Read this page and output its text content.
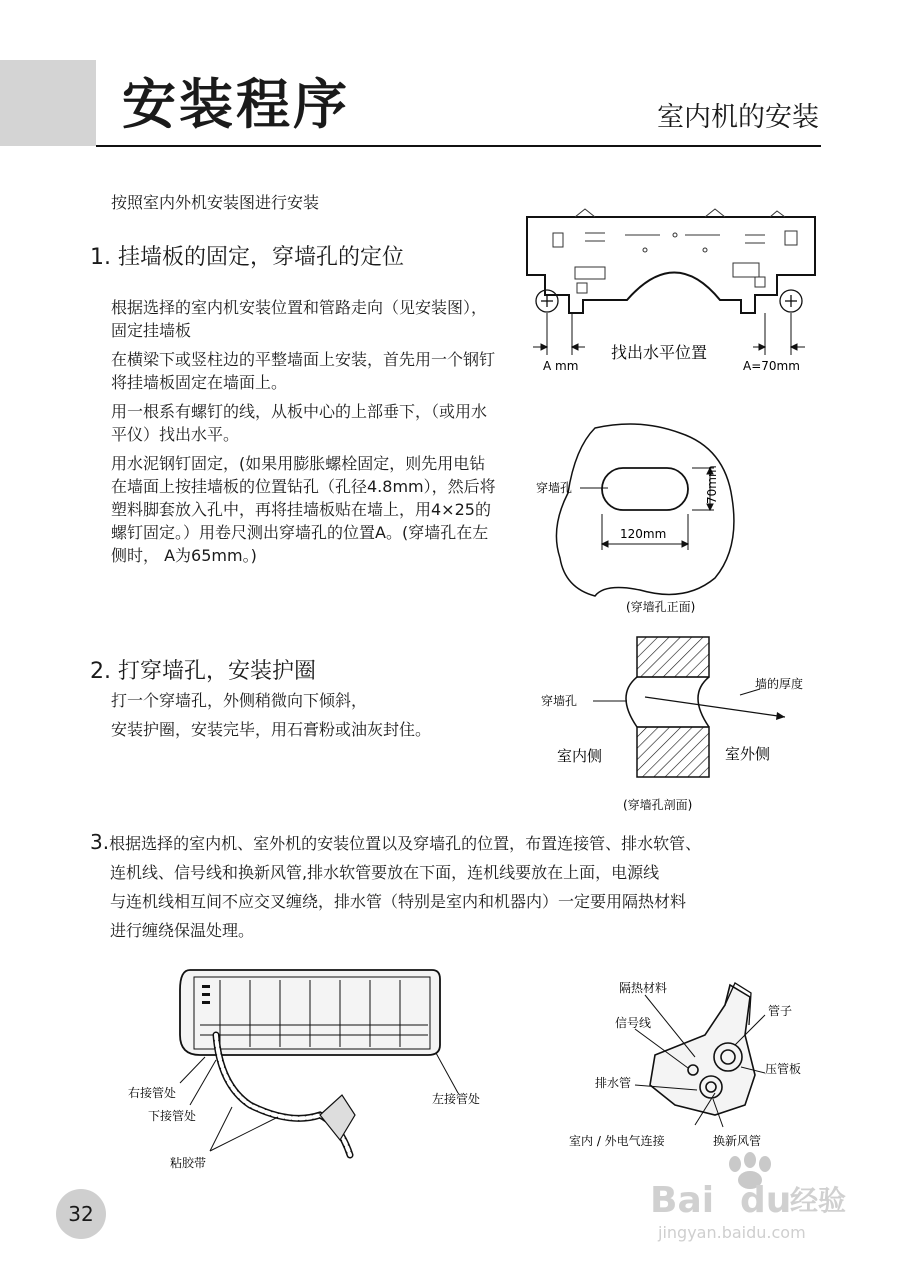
安装程序	室内机的安装
按照室内外机安装图进行安装
1. 挂墙板的固定，穿墙孔的定位

根据选择的室内机安装位置和管路走向（见安装图），固定挂墙板

在横梁下或竖柱边的平整墙面上安装，首先用一个钢钉将挂墙板固定在墙面上。

用一根系有螺钉的线，从板中心的上部垂下，（或用水平仪）找出水平。

用水泥钢钉固定，(如果用膨胀螺栓固定，则先用电钻在墙面上按挂墙板的位置钻孔（孔径4.8mm），然后将塑料脚套放入孔中，再将挂墙板贴在墙上，用4×25的螺钉固定。）用卷尺测出穿墙孔的位置A。(穿墙孔在左侧时， A为65mm。)

2. 打穿墙孔，安装护圈

打一个穿墙孔，外侧稍微向下倾斜，

安装护圈，安装完毕，用石膏粉或油灰封住。

3.根据选择的室内机、室外机的安装位置以及穿墙孔的位置，布置连接管、排水软管、
连机线、信号线和换新风管,排水软管要放在下面，连机线要放在上面，电源线
与连机线相互间不应交叉缠绕，排水管（特别是室内和机器内）一定要用隔热材料
进行缠绕保温处理。
A mm
找出水平位置
A=70mm
穿墙孔	70mm
120mm
(穿墙孔正面)
穿墙孔
墙的厚度
室内侧	室外侧
(穿墙孔剖面)
右接管处
下接管处
粘胶带
左接管处
隔热材料
信号线
管子
排水管
压管板
室内 / 外电气连接	换新风管
Bai du
经验
jingyan.baidu.com
32
